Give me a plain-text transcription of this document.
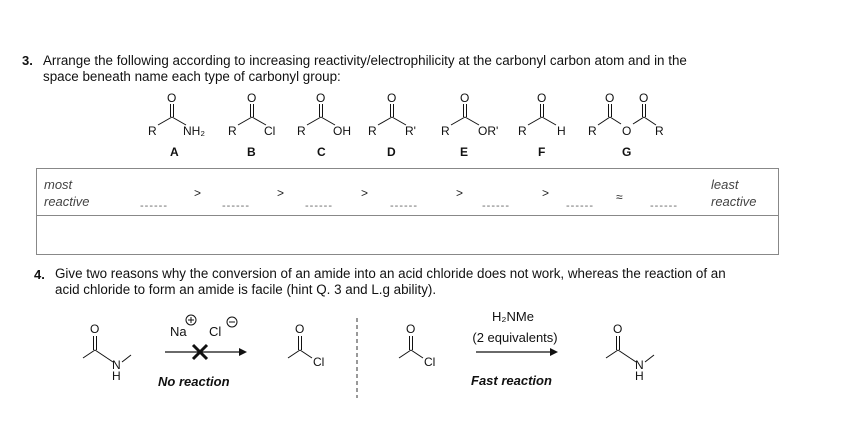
3. Arrange the following according to increasing reactivity/electrophilicity at the carbonyl carbon atom and in the
space beneath name each type of carbonyl group:
O
R NH₂
A
O
R Cl
B
O
R OH
C
O
R R'
D
O
R OR'
E
O
R	H
F
O O
R O R
G
most
reactive
least
reactive
------
>
------
>
------
>
------
>
------
>
------
≈
------
4. Give two reasons why the conversion of an amide into an acid chloride does not work, whereas the reaction of an
acid chloride to form an amide is facile (hint Q. 3 and L.g ability).
O
N
H
Na Cl
No reaction
O
Cl
O
Cl
H₂NMe
(2 equivalents)
Fast reaction
O
N
H
